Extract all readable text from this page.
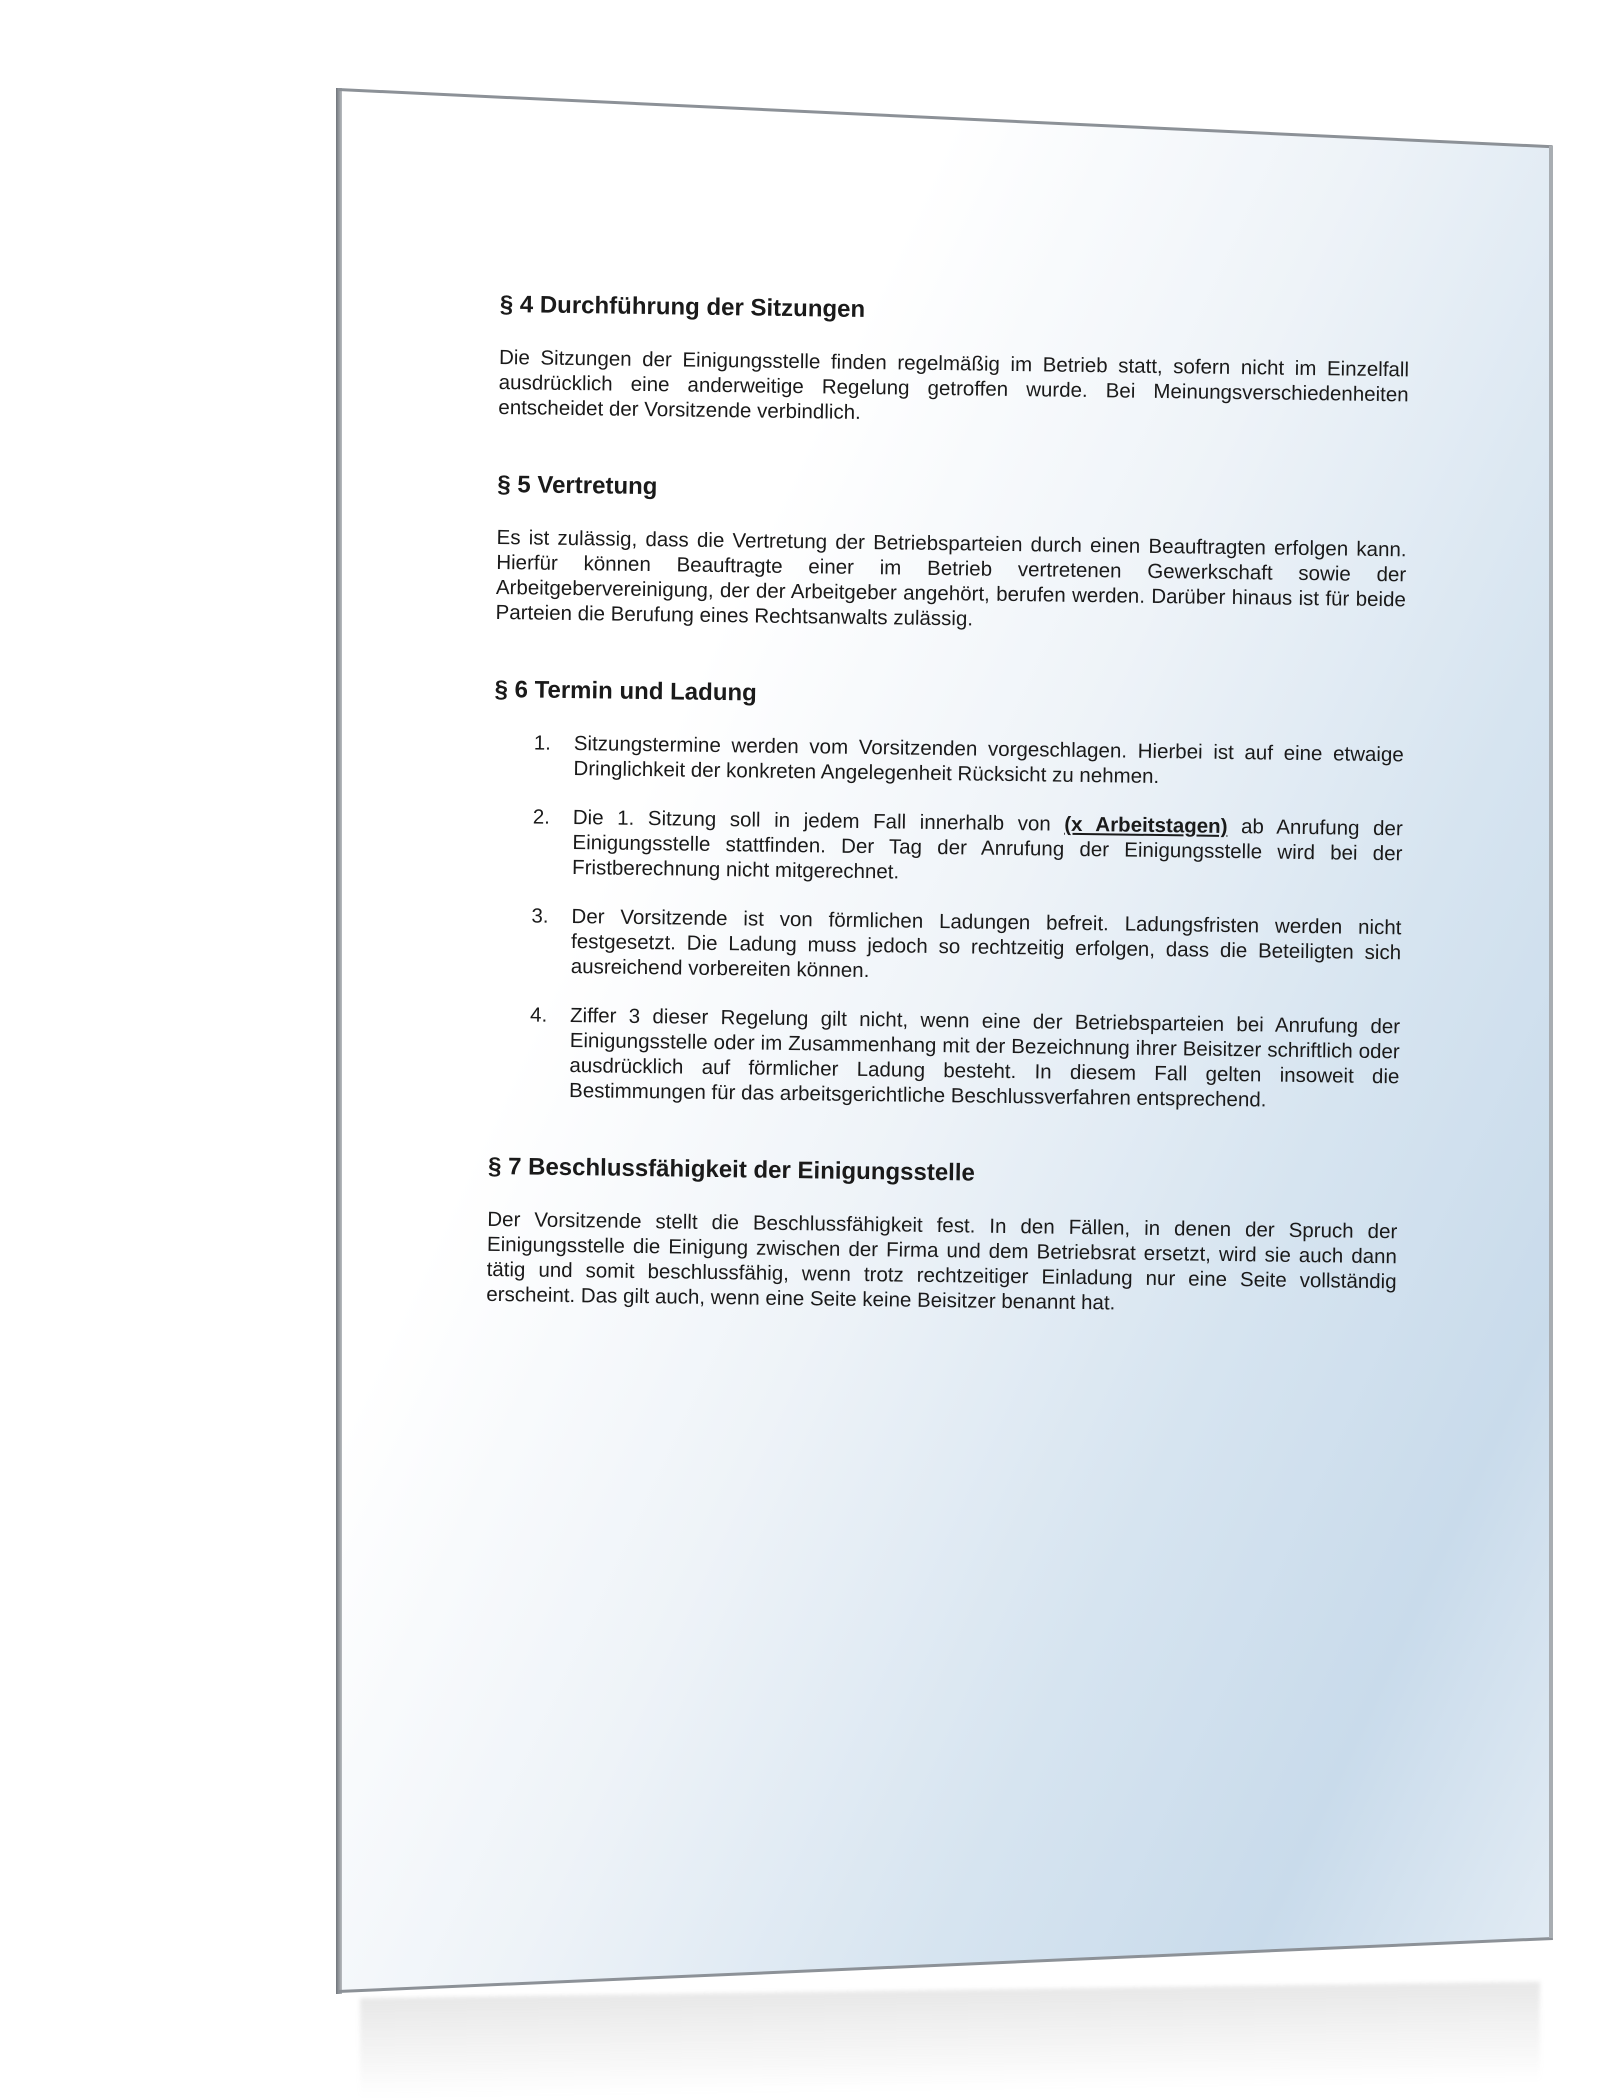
§ 4 Durchführung der Sitzungen

Die Sitzungen der Einigungsstelle finden regelmäßig im Betrieb statt, sofern nicht im Einzelfall ausdrücklich eine anderweitige Regelung getroffen wurde. Bei Meinungsverschiedenheiten entscheidet der Vorsitzende verbindlich.

§ 5 Vertretung

Es ist zulässig, dass die Vertretung der Betriebsparteien durch einen Beauftragten erfolgen kann. Hierfür können Beauftragte einer im Betrieb vertretenen Gewerkschaft sowie der Arbeitgebervereinigung, der der Arbeitgeber angehört, berufen werden. Darüber hinaus ist für beide Parteien die Berufung eines Rechtsanwalts zulässig.

§ 6 Termin und Ladung
1. Sitzungstermine werden vom Vorsitzenden vorgeschlagen. Hierbei ist auf eine etwaige Dringlichkeit der konkreten Angelegenheit Rücksicht zu nehmen.
2. Die 1. Sitzung soll in jedem Fall innerhalb von (x Arbeitstagen) ab Anrufung der Einigungsstelle stattfinden. Der Tag der Anrufung der Einigungsstelle wird bei der Fristberechnung nicht mitgerechnet.
3. Der Vorsitzende ist von förmlichen Ladungen befreit. Ladungsfristen werden nicht festgesetzt. Die Ladung muss jedoch so rechtzeitig erfolgen, dass die Beteiligten sich ausreichend vorbereiten können.
4. Ziffer 3 dieser Regelung gilt nicht, wenn eine der Betriebsparteien bei Anrufung der Einigungsstelle oder im Zusammenhang mit der Bezeichnung ihrer Beisitzer schriftlich oder ausdrücklich auf förmlicher Ladung besteht. In diesem Fall gelten insoweit die Bestimmungen für das arbeitsgerichtliche Beschlussverfahren entsprechend.
§ 7 Beschlussfähigkeit der Einigungsstelle

Der Vorsitzende stellt die Beschlussfähigkeit fest. In den Fällen, in denen der Spruch der Einigungsstelle die Einigung zwischen der Firma und dem Betriebsrat ersetzt, wird sie auch dann tätig und somit beschlussfähig, wenn trotz rechtzeitiger Einladung nur eine Seite vollständig erscheint. Das gilt auch, wenn eine Seite keine Beisitzer benannt hat.
